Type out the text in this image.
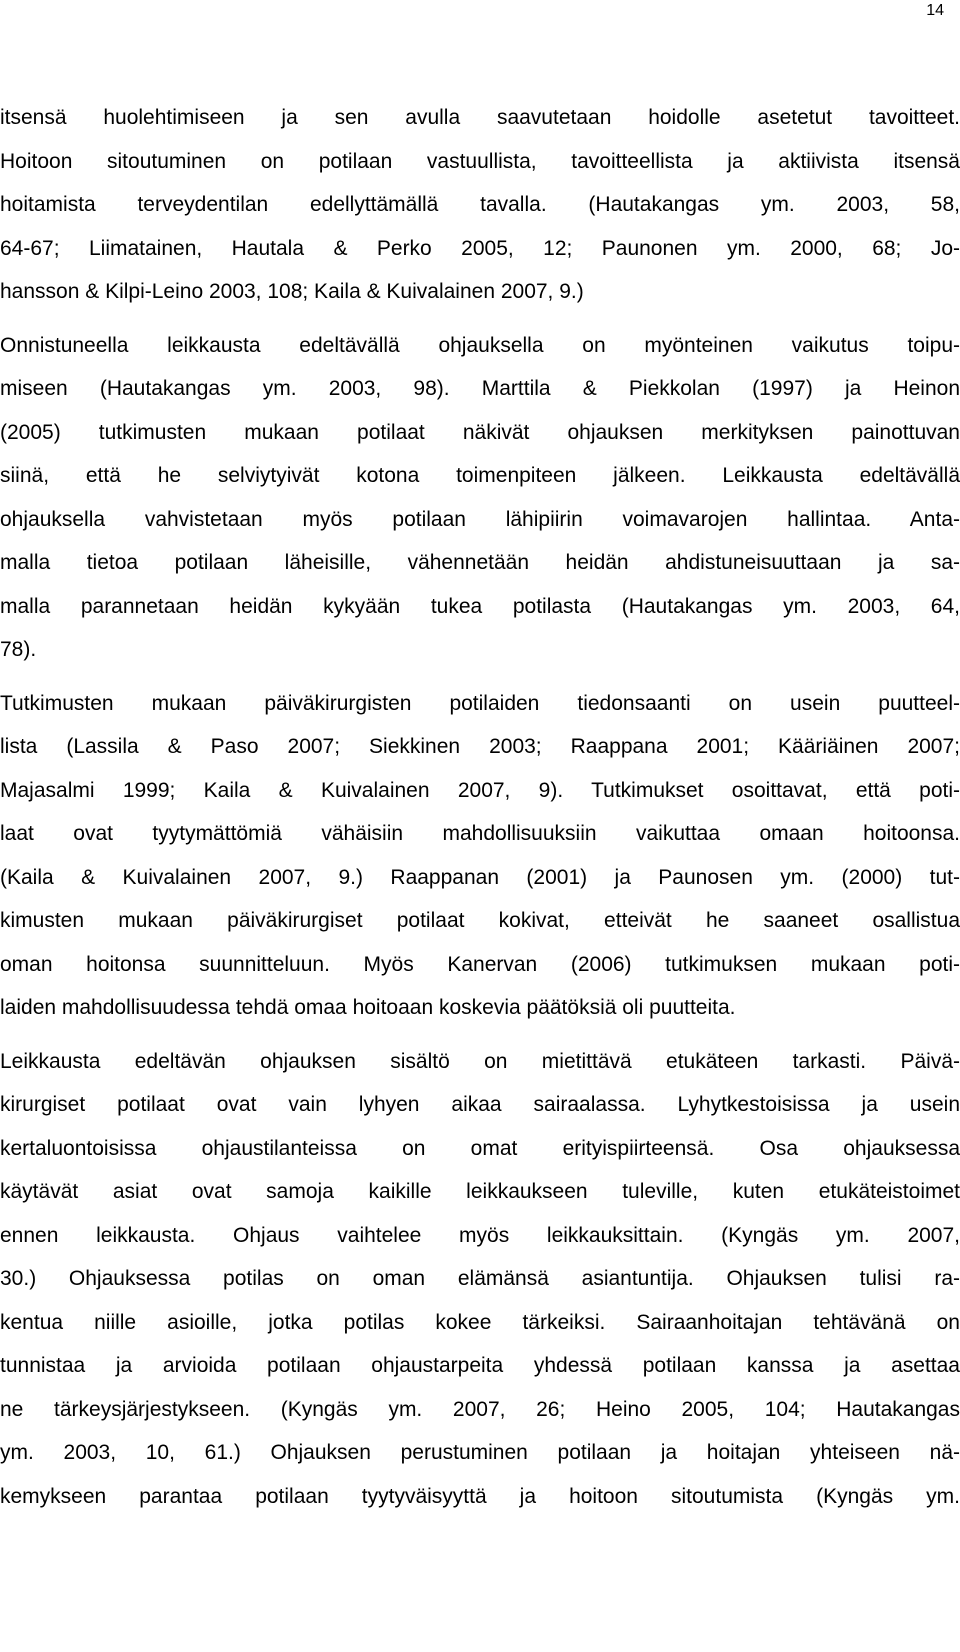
14
itsensä huolehtimiseen ja sen avulla saavutetaan hoidolle asetetut tavoitteet.
Hoitoon sitoutuminen on potilaan vastuullista, tavoitteellista ja aktiivista itsensä
hoitamista terveydentilan edellyttämällä tavalla. (Hautakangas ym. 2003, 58,
64-67; Liimatainen, Hautala & Perko 2005, 12; Paunonen ym. 2000, 68; Jo-
hansson & Kilpi-Leino 2003, 108; Kaila & Kuivalainen 2007, 9.)
Onnistuneella leikkausta edeltävällä ohjauksella on myönteinen vaikutus toipu-
miseen (Hautakangas ym. 2003, 98). Marttila & Piekkolan (1997) ja Heinon
(2005) tutkimusten mukaan potilaat näkivät ohjauksen merkityksen painottuvan
siinä, että he selviytyivät kotona toimenpiteen jälkeen. Leikkausta edeltävällä
ohjauksella vahvistetaan myös potilaan lähipiirin voimavarojen hallintaa. Anta-
malla tietoa potilaan läheisille, vähennetään heidän ahdistuneisuuttaan ja sa-
malla parannetaan heidän kykyään tukea potilasta (Hautakangas ym. 2003, 64,
78).
Tutkimusten mukaan päiväkirurgisten potilaiden tiedonsaanti on usein puutteel-
lista (Lassila & Paso 2007; Siekkinen 2003; Raappana 2001; Kääriäinen 2007;
Majasalmi 1999; Kaila & Kuivalainen 2007, 9). Tutkimukset osoittavat, että poti-
laat ovat tyytymättömiä vähäisiin mahdollisuuksiin vaikuttaa omaan hoitoonsa.
(Kaila & Kuivalainen 2007, 9.) Raappanan (2001) ja Paunosen ym. (2000) tut-
kimusten mukaan päiväkirurgiset potilaat kokivat, etteivät he saaneet osallistua
oman hoitonsa suunnitteluun. Myös Kanervan (2006) tutkimuksen mukaan poti-
laiden mahdollisuudessa tehdä omaa hoitoaan koskevia päätöksiä oli puutteita.
Leikkausta edeltävän ohjauksen sisältö on mietittävä etukäteen tarkasti. Päivä-
kirurgiset potilaat ovat vain lyhyen aikaa sairaalassa. Lyhytkestoisissa ja usein
kertaluontoisissa ohjaustilanteissa on omat erityispiirteensä. Osa ohjauksessa
käytävät asiat ovat samoja kaikille leikkaukseen tuleville, kuten etukäteistoimet
ennen leikkausta. Ohjaus vaihtelee myös leikkauksittain. (Kyngäs ym. 2007,
30.) Ohjauksessa potilas on oman elämänsä asiantuntija. Ohjauksen tulisi ra-
kentua niille asioille, jotka potilas kokee tärkeiksi. Sairaanhoitajan tehtävänä on
tunnistaa ja arvioida potilaan ohjaustarpeita yhdessä potilaan kanssa ja asettaa
ne tärkeysjärjestykseen. (Kyngäs ym. 2007, 26; Heino 2005, 104; Hautakangas
ym. 2003, 10, 61.) Ohjauksen perustuminen potilaan ja hoitajan yhteiseen nä-
kemykseen parantaa potilaan tyytyväisyyttä ja hoitoon sitoutumista (Kyngäs ym.
